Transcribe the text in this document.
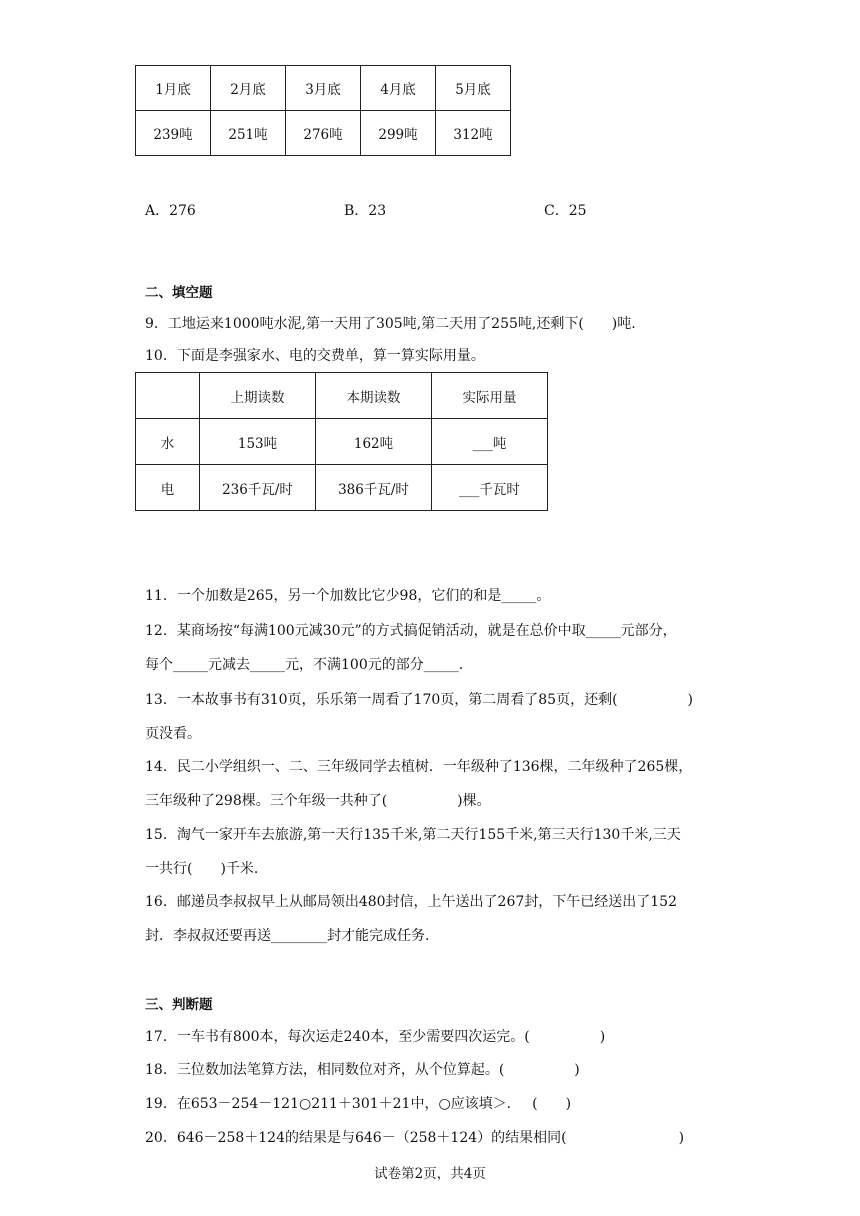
1月底	2月底	3月底	4月底	5月底
239吨	251吨	276吨	299吨	312吨
A．276	B．23	C．25
二、填空题
9．工地运来1000吨水泥,第一天用了305吨,第二天用了255吨,还剩下(　　)吨.
10．下面是李强家水、电的交费单，算一算实际用量。
	上期读数	本期读数	实际用量
水	153吨	162吨	___吨
电	236千瓦/时	386千瓦/时	___千瓦时
11．一个加数是265，另一个加数比它少98，它们的和是_____。
12．某商场按“每满100元减30元”的方式搞促销活动，就是在总价中取_____元部分，
每个_____元减去_____元，不满100元的部分_____.
13．一本故事书有310页，乐乐第一周看了170页，第二周看了85页，还剩(　　　　　)
页没看。
14．民二小学组织一、二、三年级同学去植树．一年级种了136棵，二年级种了265棵，
三年级种了298棵。三个年级一共种了(　　　　　)棵。
15．淘气一家开车去旅游,第一天行135千米,第二天行155千米,第三天行130千米,三天
一共行(　　)千米.
16．邮递员李叔叔早上从邮局领出480封信，上午送出了267封，下午已经送出了152
封．李叔叔还要再送________封才能完成任务.
三、判断题
17．一车书有800本，每次运走240本，至少需要四次运完。(　　　　　)
18．三位数加法笔算方法，相同数位对齐，从个位算起。(　　　　　)
19．在653－254－121○211＋301＋21中，○应该填＞．　 (　　)
20．646－258＋124的结果是与646－（258＋124）的结果相同(　　　　　　　　)
试卷第2页，共4页
